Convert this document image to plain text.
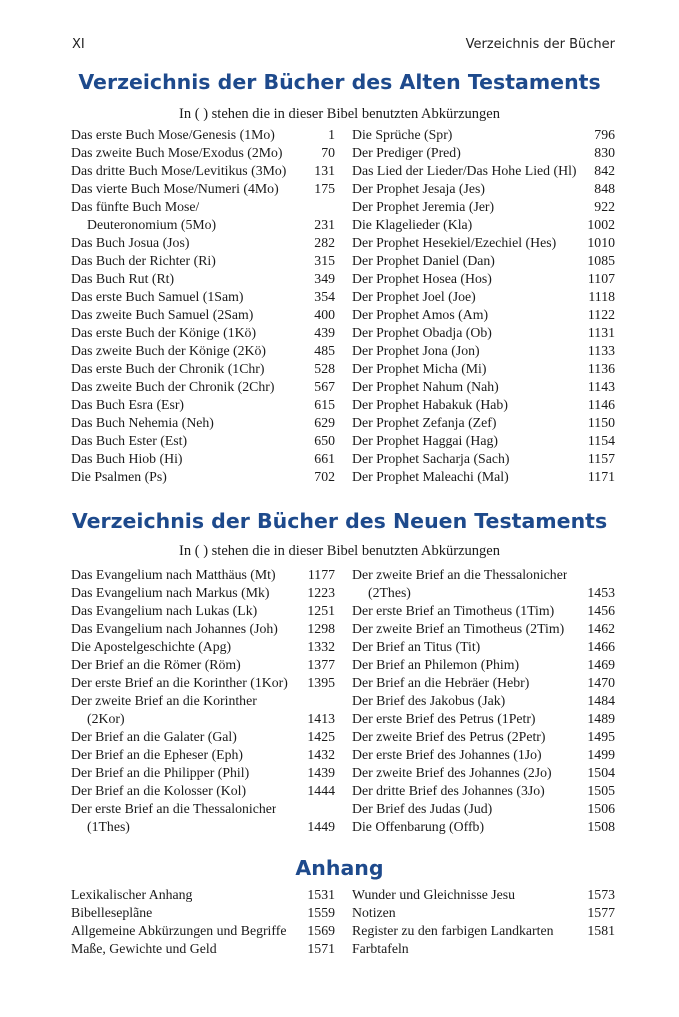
XI	Verzeichnis der Bücher
Verzeichnis der Bücher des Alten Testaments
In ( ) stehen die in dieser Bibel benutzten Abkürzungen
Das erste Buch Mose/Genesis (1Mo)	1
Das zweite Buch Mose/Exodus (2Mo)	70
Das dritte Buch Mose/Levitikus (3Mo) 131
Das vierte Buch Mose/Numeri (4Mo)	175
Das fünfte Buch Mose/
Deuteronomium (5Mo)	231
Das Buch Josua (Jos)	282
Das Buch der Richter (Ri)	315
Das Buch Rut (Rt)	349
Das erste Buch Samuel (1Sam)	354
Das zweite Buch Samuel (2Sam)	400
Das erste Buch der Könige (1Kö)	439
Das zweite Buch der Könige (2Kö)	485
Das erste Buch der Chronik (1Chr)	528
Das zweite Buch der Chronik (2Chr)	567
Das Buch Esra (Esr)	615
Das Buch Nehemia (Neh)	629
Das Buch Ester (Est)	650
Das Buch Hiob (Hi)	661
Die Psalmen (Ps)	702
Die Sprüche (Spr)	796
Der Prediger (Pred)	830
Das Lied der Lieder/Das Hohe Lied (Hl) 842
Der Prophet Jesaja (Jes)	848
Der Prophet Jeremia (Jer)	922
Die Klagelieder (Kla)	1002
Der Prophet Hesekiel/Ezechiel (Hes) 1010
Der Prophet Daniel (Dan)	1085
Der Prophet Hosea (Hos)	1107
Der Prophet Joel (Joe)	1118
Der Prophet Amos (Am)	1122
Der Prophet Obadja (Ob)	1131
Der Prophet Jona (Jon)	1133
Der Prophet Micha (Mi)	1136
Der Prophet Nahum (Nah)	1143
Der Prophet Habakuk (Hab)	1146
Der Prophet Zefanja (Zef)	1150
Der Prophet Haggai (Hag)	1154
Der Prophet Sacharja (Sach)	1157
Der Prophet Maleachi (Mal)	1171
Verzeichnis der Bücher des Neuen Testaments
In ( ) stehen die in dieser Bibel benutzten Abkürzungen
Das Evangelium nach Matthäus (Mt) 1177
Das Evangelium nach Markus (Mk)	1223
Das Evangelium nach Lukas (Lk)	1251
Das Evangelium nach Johannes (Joh) 1298
Die Apostelgeschichte (Apg)	1332
Der Brief an die Römer (Röm)	1377
Der erste Brief an die Korinther (1Kor) 1395
Der zweite Brief an die Korinther
(2Kor)	1413
Der Brief an die Galater (Gal)	1425
Der Brief an die Epheser (Eph)	1432
Der Brief an die Philipper (Phil)	1439
Der Brief an die Kolosser (Kol)	1444
Der erste Brief an die Thessalonicher
(1Thes)	1449
Der zweite Brief an die Thessalonicher
(2Thes)	1453
Der erste Brief an Timotheus (1Tim) 1456
Der zweite Brief an Timotheus (2Tim) 1462
Der Brief an Titus (Tit)	1466
Der Brief an Philemon (Phim)	1469
Der Brief an die Hebräer (Hebr)	1470
Der Brief des Jakobus (Jak)	1484
Der erste Brief des Petrus (1Petr)	1489
Der zweite Brief des Petrus (2Petr)	1495
Der erste Brief des Johannes (1Jo)	1499
Der zweite Brief des Johannes (2Jo)	1504
Der dritte Brief des Johannes (3Jo)	1505
Der Brief des Judas (Jud)	1506
Die Offenbarung (Offb)	1508
Anhang
Lexikalischer Anhang	1531
Bibelleseplãne	1559
Allgemeine Abkürzungen und Begriffe 1569
Maße, Gewichte und Geld	1571
Wunder und Gleichnisse Jesu	1573
Notizen	1577
Register zu den farbigen Landkarten 1581
Farbtafeln
